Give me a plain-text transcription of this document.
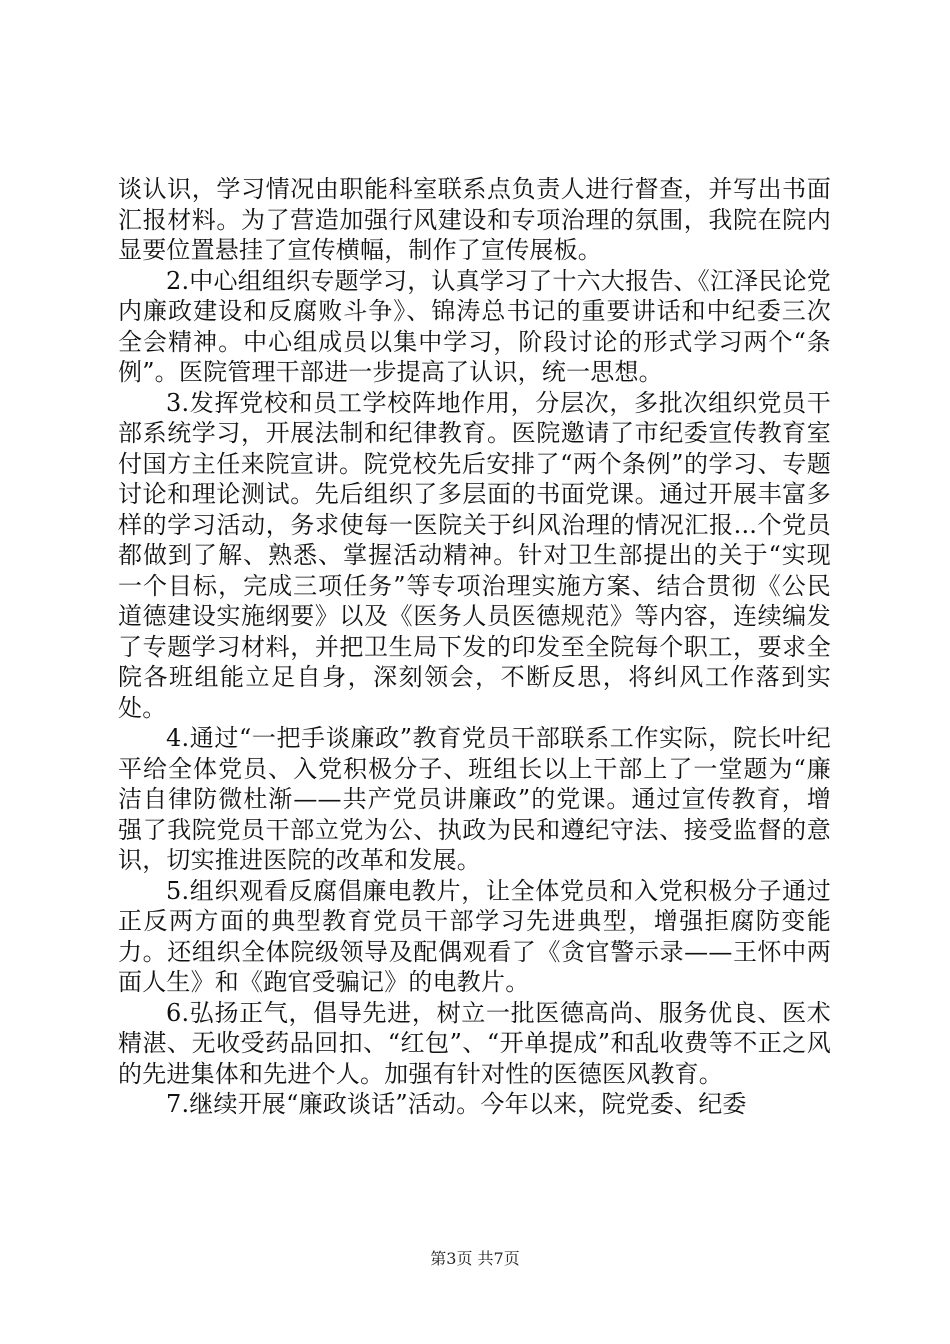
谈认识，学习情况由职能科室联系点负责人进行督查，并写出书面汇报材料。为了营造加强行风建设和专项治理的氛围，我院在院内显要位置悬挂了宣传横幅，制作了宣传展板。

2.中心组组织专题学习，认真学习了十六大报告、《江泽民论党内廉政建设和反腐败斗争》、锦涛总书记的重要讲话和中纪委三次全会精神。中心组成员以集中学习，阶段讨论的形式学习两个“条例”。医院管理干部进一步提高了认识，统一思想。

3.发挥党校和员工学校阵地作用，分层次，多批次组织党员干部系统学习，开展法制和纪律教育。医院邀请了市纪委宣传教育室付国方主任来院宣讲。院党校先后安排了“两个条例”的学习、专题讨论和理论测试。先后组织了多层面的书面党课。通过开展丰富多样的学习活动，务求使每一医院关于纠风治理的情况汇报...个党员都做到了解、熟悉、掌握活动精神。针对卫生部提出的关于“实现一个目标，完成三项任务”等专项治理实施方案、结合贯彻《公民道德建设实施纲要》以及《医务人员医德规范》等内容，连续编发了专题学习材料，并把卫生局下发的印发至全院每个职工，要求全院各班组能立足自身，深刻领会，不断反思，将纠风工作落到实处。

4.通过“一把手谈廉政”教育党员干部联系工作实际，院长叶纪平给全体党员、入党积极分子、班组长以上干部上了一堂题为“廉洁自律防微杜渐——共产党员讲廉政”的党课。通过宣传教育，增强了我院党员干部立党为公、执政为民和遵纪守法、接受监督的意识，切实推进医院的改革和发展。

5.组织观看反腐倡廉电教片，让全体党员和入党积极分子通过正反两方面的典型教育党员干部学习先进典型，增强拒腐防变能力。还组织全体院级领导及配偶观看了《贪官警示录——王怀中两面人生》和《跑官受骗记》的电教片。

6.弘扬正气，倡导先进，树立一批医德高尚、服务优良、医术精湛、无收受药品回扣、“红包”、“开单提成”和乱收费等不正之风的先进集体和先进个人。加强有针对性的医德医风教育。

7.继续开展“廉政谈话”活动。今年以来，院党委、纪委

第3页 共7页
